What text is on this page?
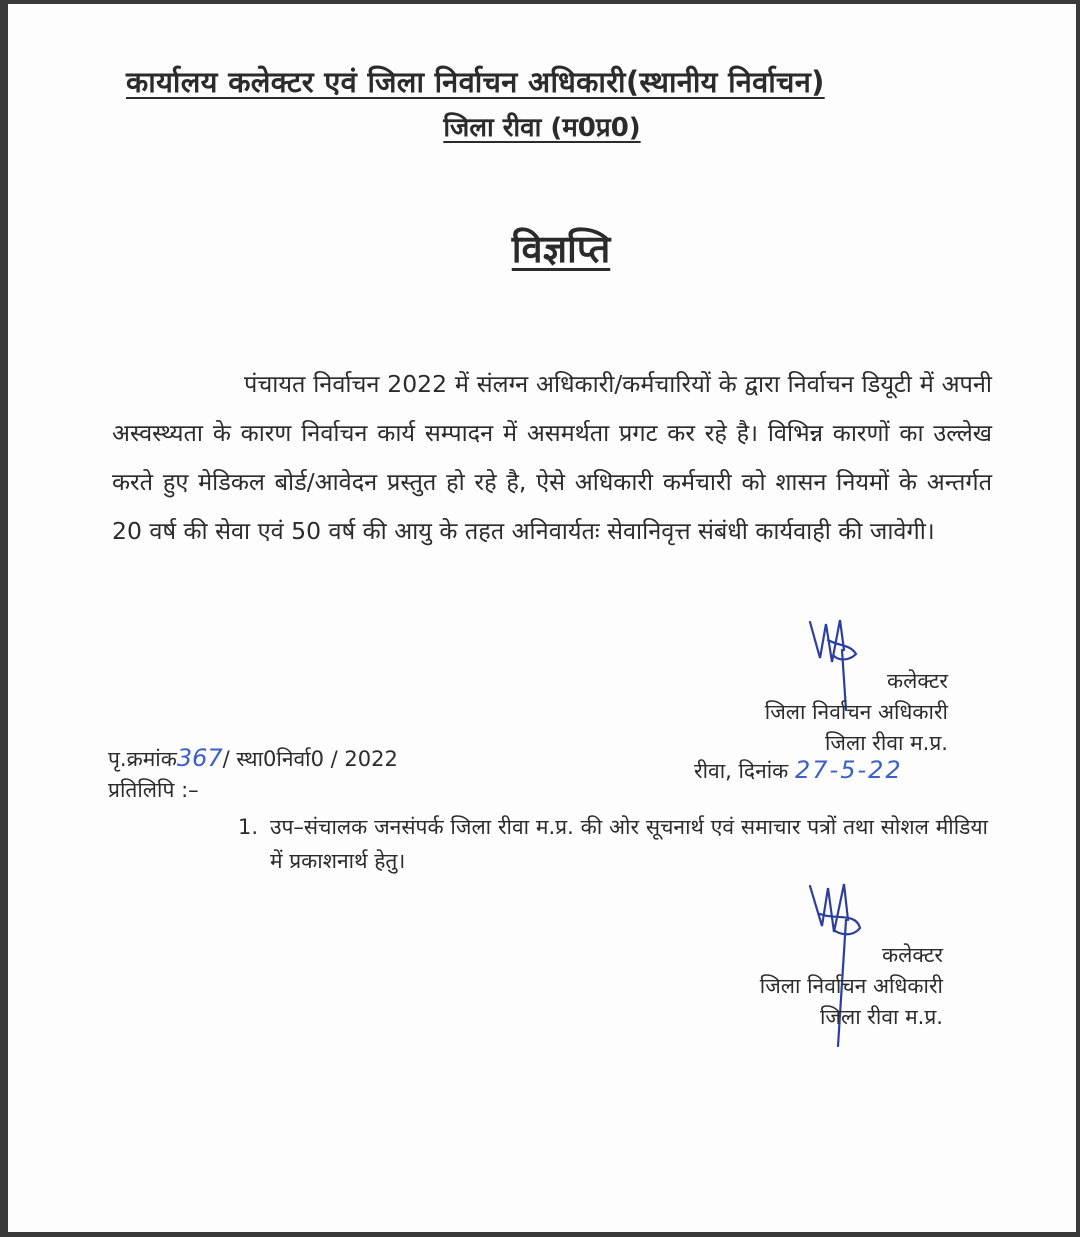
कार्यालय कलेक्टर एवं जिला निर्वाचन अधिकारी(स्थानीय निर्वाचन)
जिला रीवा (म0प्र0)
विज्ञप्ति
पंचायत निर्वाचन 2022 में संलग्न अधिकारी/कर्मचारियों के द्वारा निर्वाचन डियूटी में अपनी अस्वस्थ्यता के कारण निर्वाचन कार्य सम्पादन में असमर्थता प्रगट कर रहे है। विभिन्न कारणों का उल्लेख करते हुए मेडिकल बोर्ड/आवेदन प्रस्तुत हो रहे है, ऐसे अधिकारी कर्मचारी को शासन नियमों के अन्तर्गत 20 वर्ष की सेवा एवं 50 वर्ष की आयु के तहत अनिवार्यतः सेवानिवृत्त संबंधी कार्यवाही की जावेगी।
कलेक्टर
जिला निर्वाचन अधिकारी
जिला रीवा म.प्र.
पृ.क्रमांक367/ स्था0निर्वा0 / 2022	रीवा, दिनांक 27-5-22
प्रतिलिपि :–
1. उप–संचालक जनसंपर्क जिला रीवा म.प्र. की ओर सूचनार्थ एवं समाचार पत्रों तथा सोशल मीडिया में प्रकाशनार्थ हेतु।
कलेक्टर
जिला निर्वाचन अधिकारी
जिला रीवा म.प्र.
